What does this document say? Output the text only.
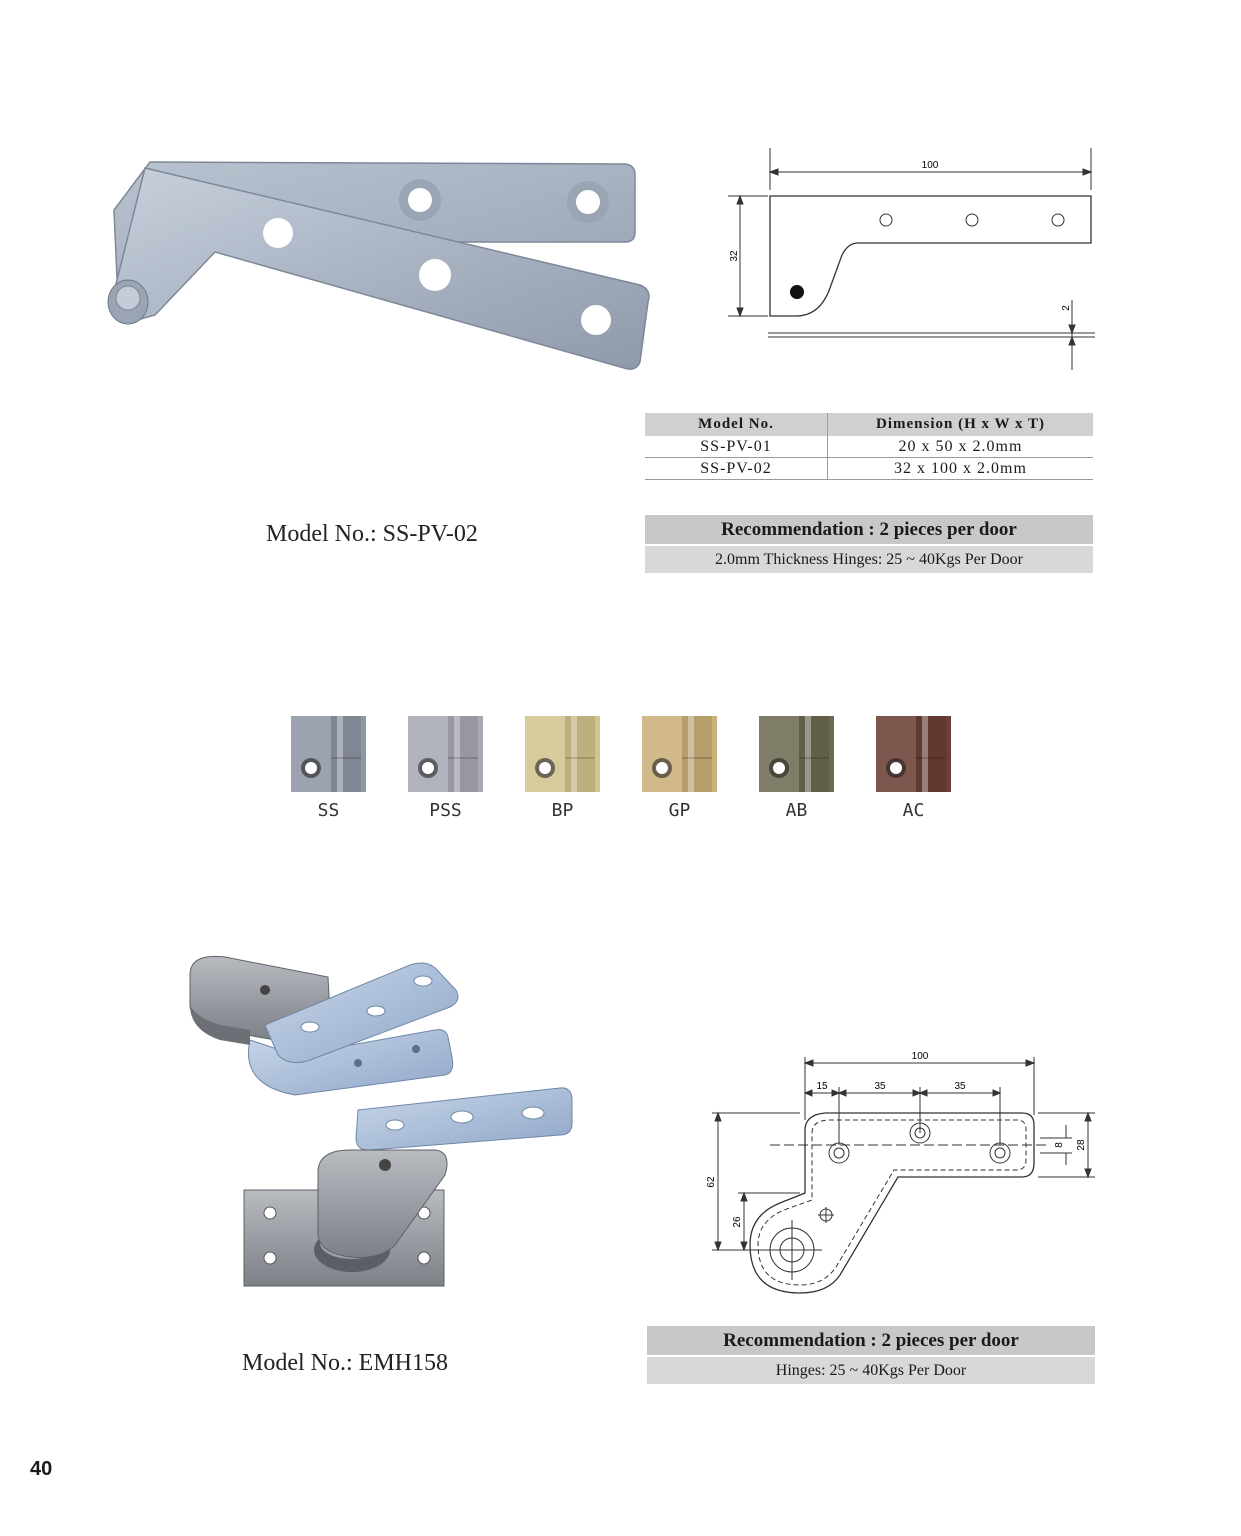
100
32
2
Model No.	Dimension (H x W x T)
SS-PV-01	20 x 50 x 2.0mm
SS-PV-02	32 x 100 x 2.0mm
Model No.: SS-PV-02	Recommendation : 2 pieces per door
2.0mm Thickness Hinges: 25 ~ 40Kgs Per Door
SS	PSS	BP	GP	AB	AC
Model No.: EMH158
100
15	35	35
62
26
8 28
Recommendation : 2 pieces per door
Hinges: 25 ~ 40Kgs Per Door
40
